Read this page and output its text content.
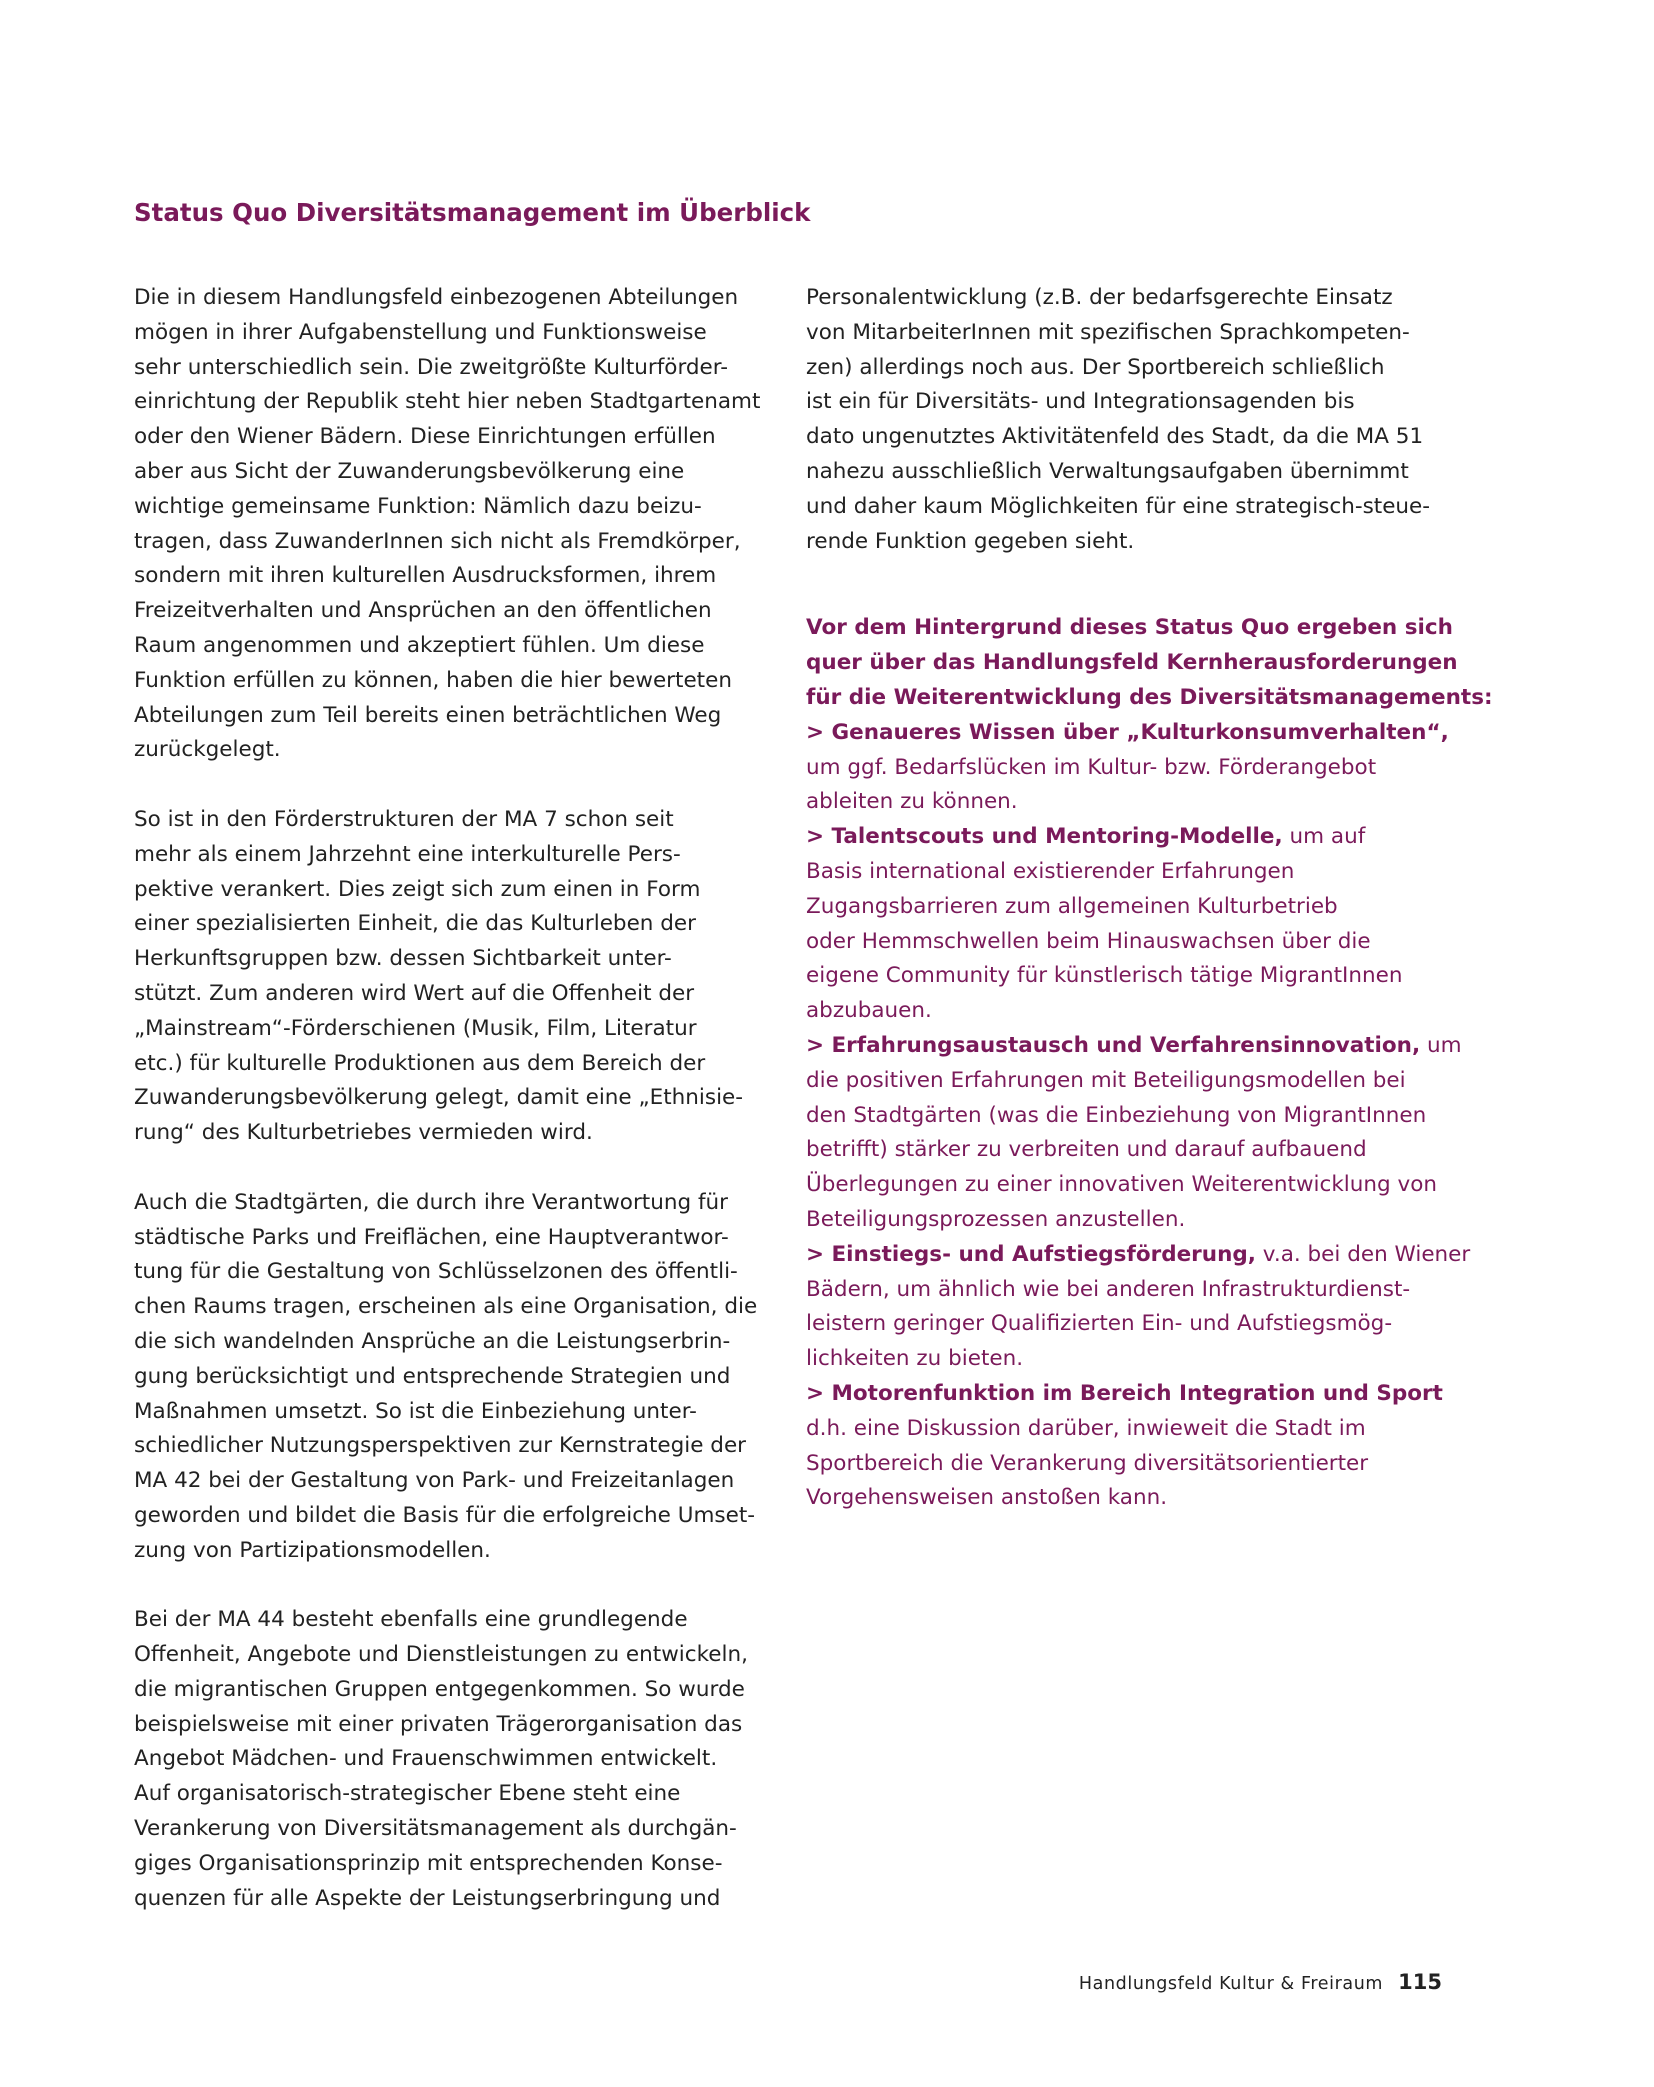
Status Quo Diversitätsmanagement im Überblick
Die in diesem Handlungsfeld einbezogenen Abteilungen
mögen in ihrer Aufgabenstellung und Funktionsweise
sehr unterschiedlich sein. Die zweitgrößte Kulturförder-
einrichtung der Republik steht hier neben Stadtgartenamt
oder den Wiener Bädern. Diese Einrichtungen erfüllen
aber aus Sicht der Zuwanderungsbevölkerung eine
wichtige gemeinsame Funktion: Nämlich dazu beizu-
tragen, dass ZuwanderInnen sich nicht als Fremdkörper,
sondern mit ihren kulturellen Ausdrucksformen, ihrem
Freizeitverhalten und Ansprüchen an den öffentlichen
Raum angenommen und akzeptiert fühlen. Um diese
Funktion erfüllen zu können, haben die hier bewerteten
Abteilungen zum Teil bereits einen beträchtlichen Weg
zurückgelegt.
So ist in den Förderstrukturen der MA 7 schon seit
mehr als einem Jahrzehnt eine interkulturelle Pers-
pektive verankert. Dies zeigt sich zum einen in Form
einer spezialisierten Einheit, die das Kulturleben der
Herkunftsgruppen bzw. dessen Sichtbarkeit unter-
stützt. Zum anderen wird Wert auf die Offenheit der
„Mainstream“-Förderschienen (Musik, Film, Literatur
etc.) für kulturelle Produktionen aus dem Bereich der
Zuwanderungsbevölkerung gelegt, damit eine „Ethnisie-
rung“ des Kulturbetriebes vermieden wird.
Auch die Stadtgärten, die durch ihre Verantwortung für
städtische Parks und Freiflächen, eine Hauptverantwor-
tung für die Gestaltung von Schlüsselzonen des öffentli-
chen Raums tragen, erscheinen als eine Organisation, die
die sich wandelnden Ansprüche an die Leistungserbrin-
gung berücksichtigt und entsprechende Strategien und
Maßnahmen umsetzt. So ist die Einbeziehung unter-
schiedlicher Nutzungsperspektiven zur Kernstrategie der
MA 42 bei der Gestaltung von Park- und Freizeitanlagen
geworden und bildet die Basis für die erfolgreiche Umset-
zung von Partizipationsmodellen.
Bei der MA 44 besteht ebenfalls eine grundlegende
Offenheit, Angebote und Dienstleistungen zu entwickeln,
die migrantischen Gruppen entgegenkommen. So wurde
beispielsweise mit einer privaten Trägerorganisation das
Angebot Mädchen- und Frauenschwimmen entwickelt.
Auf organisatorisch-strategischer Ebene steht eine
Verankerung von Diversitätsmanagement als durchgän-
giges Organisationsprinzip mit entsprechenden Konse-
quenzen für alle Aspekte der Leistungserbringung und
Personalentwicklung (z.B. der bedarfsgerechte Einsatz
von MitarbeiterInnen mit spezifischen Sprachkompeten-
zen) allerdings noch aus. Der Sportbereich schließlich
ist ein für Diversitäts- und Integrationsagenden bis
dato ungenutztes Aktivitätenfeld des Stadt, da die MA 51
nahezu ausschließlich Verwaltungsaufgaben übernimmt
und daher kaum Möglichkeiten für eine strategisch-steue-
rende Funktion gegeben sieht.
Vor dem Hintergrund dieses Status Quo ergeben sich
quer über das Handlungsfeld Kernherausforderungen
für die Weiterentwicklung des Diversitätsmanagements:
> Genaueres Wissen über „Kulturkonsumverhalten“,
um ggf. Bedarfslücken im Kultur- bzw. Förderangebot
ableiten zu können.
> Talentscouts und Mentoring-Modelle, um auf
Basis international existierender Erfahrungen
Zugangsbarrieren zum allgemeinen Kulturbetrieb
oder Hemmschwellen beim Hinauswachsen über die
eigene Community für künstlerisch tätige MigrantInnen
abzubauen.
> Erfahrungsaustausch und Verfahrensinnovation, um
die positiven Erfahrungen mit Beteiligungsmodellen bei
den Stadtgärten (was die Einbeziehung von MigrantInnen
betrifft) stärker zu verbreiten und darauf aufbauend
Überlegungen zu einer innovativen Weiterentwicklung von
Beteiligungsprozessen anzustellen.
> Einstiegs- und Aufstiegsförderung, v.a. bei den Wiener
Bädern, um ähnlich wie bei anderen Infrastrukturdienst-
leistern geringer Qualifizierten Ein- und Aufstiegsmög-
lichkeiten zu bieten.
> Motorenfunktion im Bereich Integration und Sport
d.h. eine Diskussion darüber, inwieweit die Stadt im
Sportbereich die Verankerung diversitätsorientierter
Vorgehensweisen anstoßen kann.
Handlungsfeld Kultur & Freiraum 115
